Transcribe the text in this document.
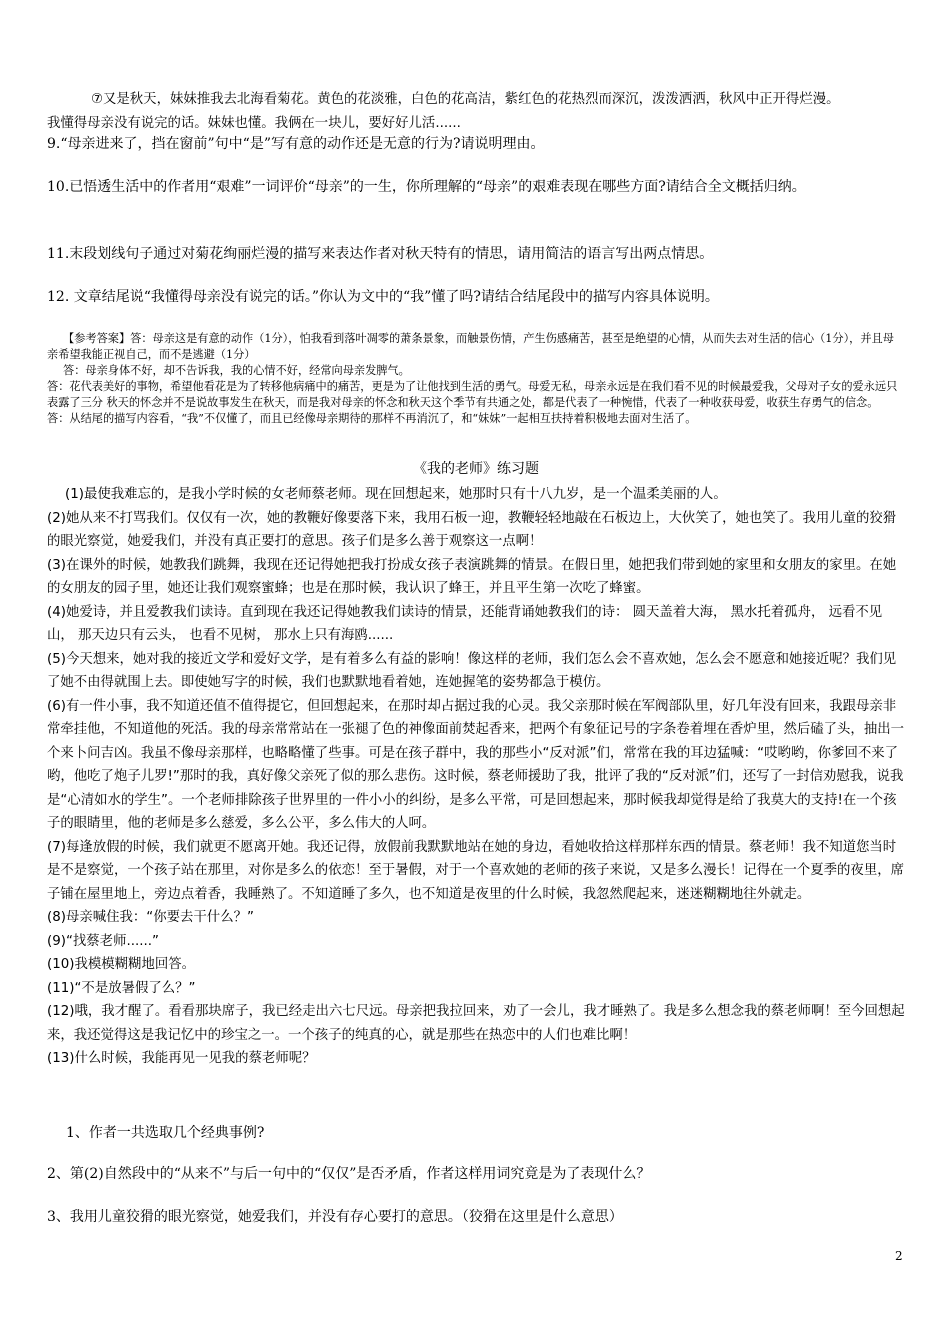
⑦又是秋天，妹妹推我去北海看菊花。黄色的花淡雅，白色的花高洁，紫红色的花热烈而深沉，泼泼洒洒，秋风中正开得烂漫。

我懂得母亲没有说完的话。妹妹也懂。我俩在一块儿，要好好儿活......

9.“母亲进来了，挡在窗前”句中“是”写有意的动作还是无意的行为?请说明理由。
10.已悟透生活中的作者用“艰难”一词评价“母亲”的一生，你所理解的“母亲”的艰难表现在哪些方面?请结合全文概括归纳。
11.末段划线句子通过对菊花绚丽烂漫的描写来表达作者对秋天特有的情思，请用简洁的语言写出两点情思。
12. 文章结尾说“我懂得母亲没有说完的话。”你认为文中的“我”懂了吗?请结合结尾段中的描写内容具体说明。

【参考答案】答：母亲这是有意的动作（1分），怕我看到落叶凋零的萧条景象，而触景伤情，产生伤感痛苦，甚至是绝望的心情，从而失去对生活的信心（1分），并且母亲希望我能正视自己，而不是逃避（1分）

答：母亲身体不好，却不告诉我，我的心情不好，经常向母亲发脾气。

答：花代表美好的事物，希望他看花是为了转移他病痛中的痛苦，更是为了让他找到生活的勇气。母爱无私，母亲永远是在我们看不见的时候最爱我，父母对子女的爱永远只表露了三分 秋天的怀念并不是说故事发生在秋天，而是我对母亲的怀念和秋天这个季节有共通之处，都是代表了一种惋惜，代表了一种收获母爱，收获生存勇气的信念。

答：从结尾的描写内容看，“我”不仅懂了，而且已经像母亲期待的那样不再消沉了，和“妹妹”一起相互扶持着积极地去面对生活了。

《我的老师》练习题

(1)最使我难忘的，是我小学时候的女老师蔡老师。现在回想起来，她那时只有十八九岁，是一个温柔美丽的人。

(2)她从来不打骂我们。仅仅有一次，她的教鞭好像要落下来，我用石板一迎，教鞭轻轻地敲在石板边上，大伙笑了，她也笑了。我用儿童的狡猾的眼光察觉，她爱我们，并没有真正要打的意思。孩子们是多么善于观察这一点啊！

(3)在课外的时候，她教我们跳舞，我现在还记得她把我打扮成女孩子表演跳舞的情景。在假日里，她把我们带到她的家里和女朋友的家里。在她的女朋友的园子里，她还让我们观察蜜蜂；也是在那时候，我认识了蜂王，并且平生第一次吃了蜂蜜。

(4)她爱诗，并且爱教我们读诗。直到现在我还记得她教我们读诗的情景，还能背诵她教我们的诗： 圆天盖着大海， 黑水托着孤舟， 远看不见山， 那天边只有云头， 也看不见树， 那水上只有海鸥......

(5)今天想来，她对我的接近文学和爱好文学，是有着多么有益的影响！像这样的老师，我们怎么会不喜欢她，怎么会不愿意和她接近呢？我们见了她不由得就围上去。即使她写字的时候，我们也默默地看着她，连她握笔的姿势都急于模仿。

(6)有一件小事，我不知道还值不值得提它，但回想起来，在那时却占据过我的心灵。我父亲那时候在军阀部队里，好几年没有回来，我跟母亲非常牵挂他，不知道他的死活。我的母亲常常站在一张褪了色的神像面前焚起香来，把两个有象征记号的字条卷着埋在香炉里，然后磕了头，抽出一个来卜问吉凶。我虽不像母亲那样，也略略懂了些事。可是在孩子群中，我的那些小“反对派”们，常常在我的耳边猛喊：“哎哟哟，你爹回不来了哟，他吃了炮子儿罗!”那时的我，真好像父亲死了似的那么悲伤。这时候，蔡老师援助了我，批评了我的“反对派”们，还写了一封信劝慰我，说我是“心清如水的学生”。一个老师排除孩子世界里的一件小小的纠纷，是多么平常，可是回想起来，那时候我却觉得是给了我莫大的支持!在一个孩子的眼睛里，他的老师是多么慈爱，多么公平，多么伟大的人呵。

(7)每逢放假的时候，我们就更不愿离开她。我还记得，放假前我默默地站在她的身边，看她收拾这样那样东西的情景。蔡老师！我不知道您当时是不是察觉，一个孩子站在那里，对你是多么的依恋！至于暑假，对于一个喜欢她的老师的孩子来说，又是多么漫长！记得在一个夏季的夜里，席子铺在屋里地上，旁边点着香，我睡熟了。不知道睡了多久，也不知道是夜里的什么时候，我忽然爬起来，迷迷糊糊地往外就走。

(8)母亲喊住我：“你要去干什么？”

(9)“找蔡老师......”

(10)我模模糊糊地回答。

(11)“不是放暑假了么？”

(12)哦，我才醒了。看看那块席子，我已经走出六七尺远。母亲把我拉回来，劝了一会儿，我才睡熟了。我是多么想念我的蔡老师啊！至今回想起来，我还觉得这是我记忆中的珍宝之一。一个孩子的纯真的心，就是那些在热恋中的人们也难比啊！

(13)什么时候，我能再见一见我的蔡老师呢？

1、作者一共选取几个经典事例?
2、第(2)自然段中的“从来不”与后一句中的“仅仅”是否矛盾，作者这样用词究竟是为了表现什么？
3、我用儿童狡猾的眼光察觉，她爱我们，并没有存心要打的意思。（狡猾在这里是什么意思）
2
